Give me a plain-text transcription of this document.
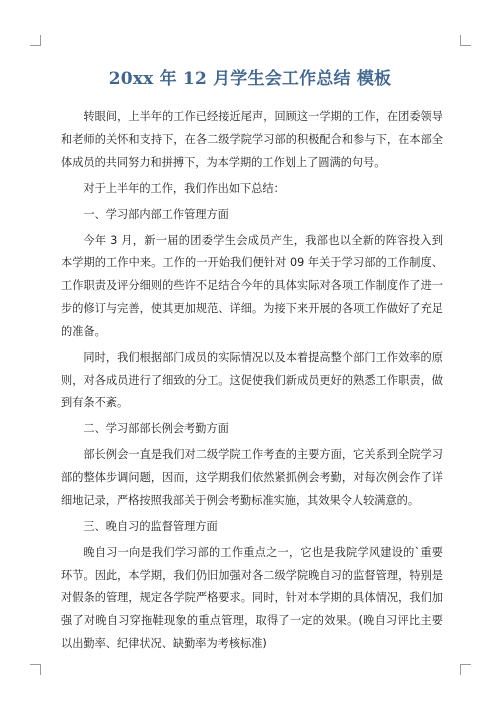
20xx 年 12 月学生会工作总结 模板

转眼间，上半年的工作已经接近尾声，回顾这一学期的工作，在团委领导和老师的关怀和支持下，在各二级学院学习部的积极配合和参与下，在本部全体成员的共同努力和拼搏下，为本学期的工作划上了圆满的句号。

对于上半年的工作，我们作出如下总结：

一、学习部内部工作管理方面

今年 3 月，新一届的团委学生会成员产生，我部也以全新的阵容投入到本学期的工作中来。工作的一开始我们便针对 09 年关于学习部的工作制度、工作职责及评分细则的些许不足结合今年的具体实际对各项工作制度作了进一步的修订与完善，使其更加规范、详细。为接下来开展的各项工作做好了充足的准备。

同时，我们根据部门成员的实际情况以及本着提高整个部门工作效率的原则，对各成员进行了细致的分工。这促使我们新成员更好的熟悉工作职责，做到有条不紊。

二、学习部部长例会考勤方面

部长例会一直是我们对二级学院工作考查的主要方面，它关系到全院学习部的整体步调问题，因而，这学期我们依然紧抓例会考勤，对每次例会作了详细地记录，严格按照我部关于例会考勤标准实施，其效果令人较满意的。

三、晚自习的监督管理方面

晚自习一向是我们学习部的工作重点之一，它也是我院学风建设的`重要环节。因此，本学期，我们仍旧加强对各二级学院晚自习的监督管理，特别是对假条的管理，规定各学院严格要求。同时，针对本学期的具体情况，我们加强了对晚自习穿拖鞋现象的重点管理，取得了一定的效果。(晚自习评比主要以出勤率、纪律状况、缺勤率为考核标准)
